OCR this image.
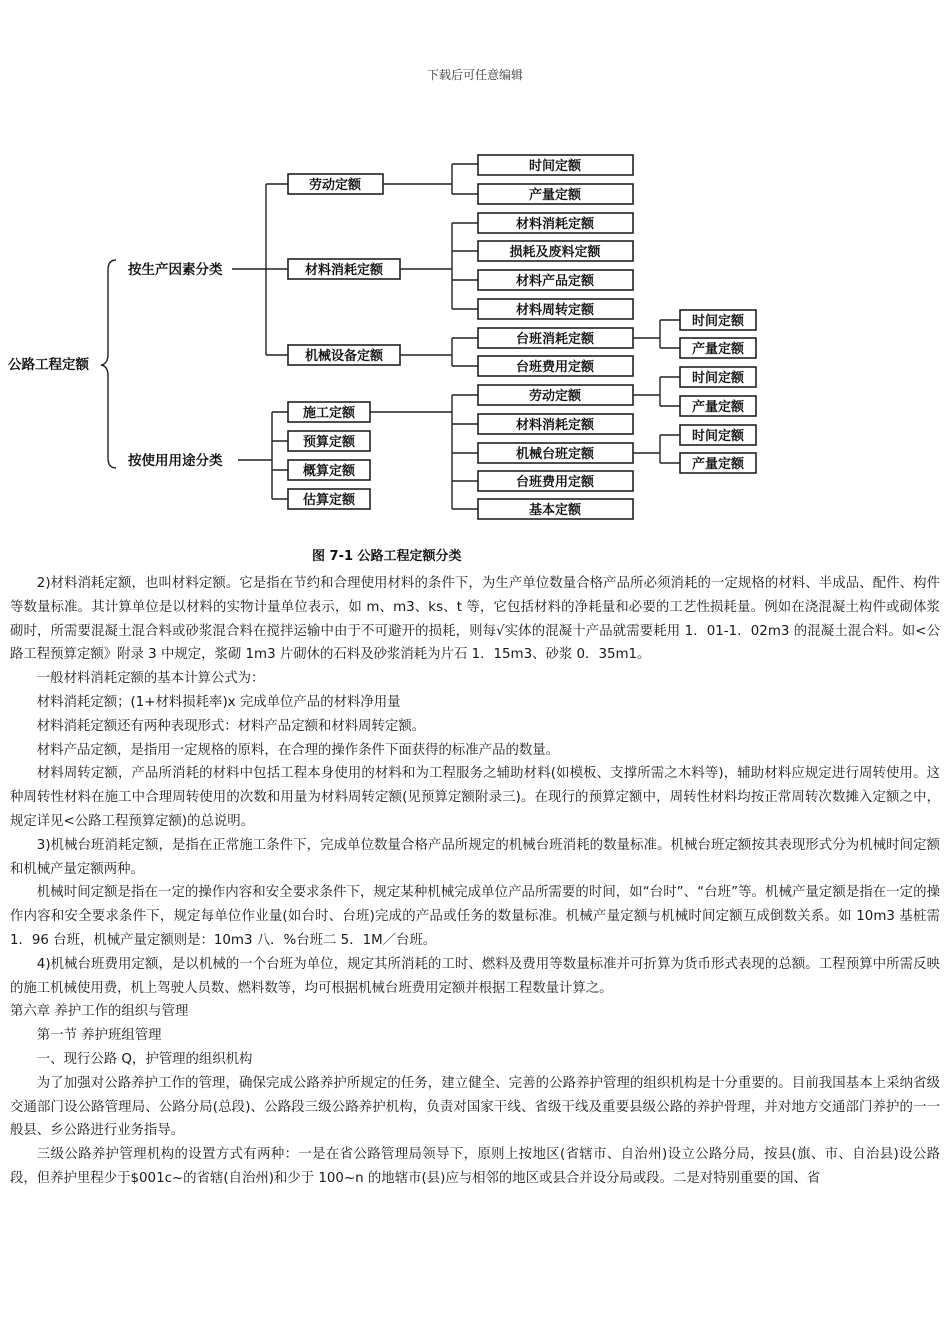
下载后可任意编辑
公路工程定额
按生产因素分类
按使用用途分类
劳动定额
材料消耗定额
机械设备定额
时间定额
产量定额
材料消耗定额
损耗及废料定额
材料产品定额
材料周转定额
台班消耗定额
台班费用定额
时间定额
产量定额
施工定额
预算定额
概算定额
估算定额
劳动定额
材料消耗定额
机械台班定额
台班费用定额
基本定额
时间定额
产量定额
时间定额
产量定额
图 7-1 公路工程定额分类

2)材料消耗定额，也叫材料定额。它是指在节约和合理使用材料的条件下，为生产单位数量合格产品所必须消耗的一定规格的材料、半成品、配件、构件等数量标准。其计算单位是以材料的实物计量单位表示，如 m、m3、ks、t 等，它包括材料的净耗量和必要的工艺性损耗量。例如在浇混凝土构件或砌体浆砌时，所需要混凝土混合料或砂浆混合料在搅拌运输中由于不可避开的损耗，则每√实体的混凝十产品就需要耗用 1．01-1．02m3 的混凝土混合料。如<公路工程预算定额》附录 3 中规定，浆砌 1m3 片砌休的石料及砂浆消耗为片石 1．15m3、砂浆 0．35m1。

一般材料消耗定额的基本计算公式为：

材料消耗定额；(1+材料损耗率)x 完成单位产品的材料净用量

材料消耗定额还有两种表现形式：材料产品定额和材料周转定额。

材料产品定额，是指用一定规格的原料，在合理的操作条件下面获得的标准产品的数量。

材料周转定额，产品所消耗的材料中包括工程本身使用的材料和为工程服务之辅助材料(如模板、支撑所需之木料等)，辅助材料应规定进行周转使用。这种周转性材料在施工中合理周转使用的次数和用量为材料周转定额(见预算定额附录三)。在现行的预算定额中，周转性材料均按正常周转次数摊入定额之中，规定详见<公路工程预算定额)的总说明。

3)机械台班消耗定额，是指在正常施工条件下，完成单位数量合格产品所规定的机械台班消耗的数量标准。机械台班定额按其表现形式分为机械时间定额和机械产量定额两种。

机械时间定额是指在一定的操作内容和安全要求条件下，规定某种机械完成单位产品所需要的时间，如“台时”、“台班”等。机械产量定额是指在一定的操作内容和安全要求条件下，规定每单位作业量(如台时、台班)完成的产品或任务的数量标准。机械产量定额与机械时间定额互成倒数关系。如 10m3 基桩需 1．96 台班，机械产量定额则是：10m3 八．%台班二 5．1M／台班。

4)机械台班费用定额，是以机械的一个台班为单位，规定其所消耗的工时、燃料及费用等数量标准并可折算为货币形式表现的总额。工程预算中所需反映的施工机械使用费，机上驾驶人员数、燃料数等，均可根据机械台班费用定额并根据工程数量计算之。

第六章 养护工作的组织与管理

第一节 养护班组管理

一、现行公路 Q，护管理的组织机构

为了加强对公路养护工作的管理，确保完成公路养护所规定的任务，建立健全、完善的公路养护管理的组织机构是十分重要的。目前我国基本上采纳省级交通部门设公路管理局、公路分局(总段)、公路段三级公路养护机构，负责对国家干线、省级干线及重要县级公路的养护骨理，并对地方交通部门养护的一一般县、乡公路进行业务指导。

三级公路养护管理机构的设置方式有两种：一是在省公路管理局领导下，原则上按地区(省辖市、自治州)设立公路分局，按县(旗、市、自治县)设公路段，但养护里程少于$001c~的省辖(自治州)和少于 100~n 的地辖市(县)应与相邻的地区或县合并设分局或段。二是对特别重要的国、省
